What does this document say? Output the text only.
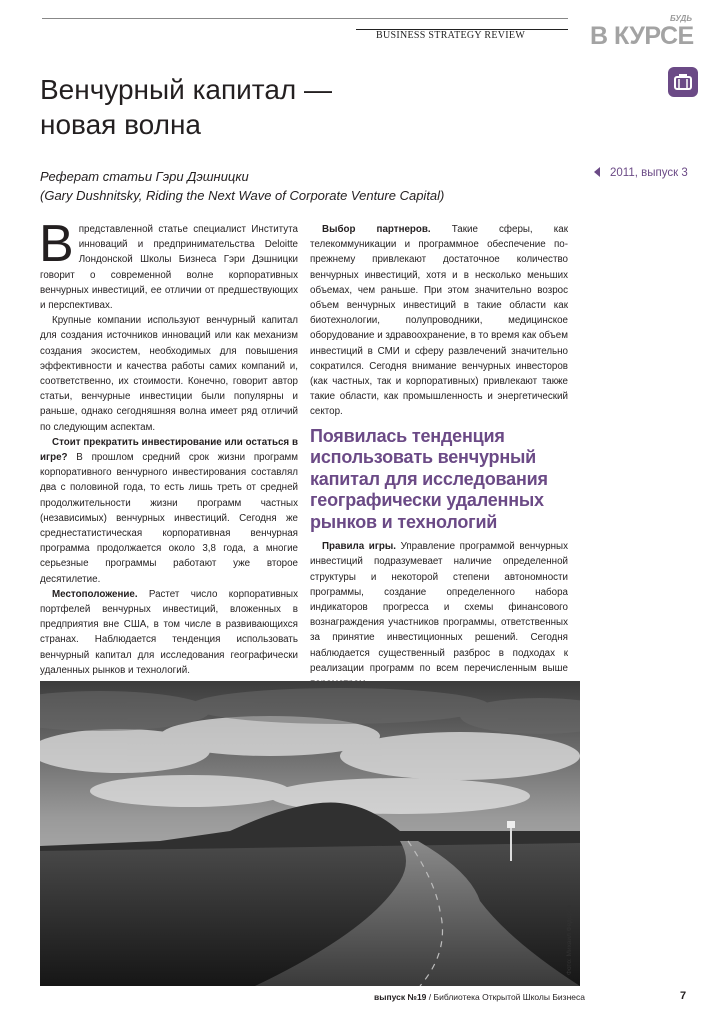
BUSINESS STRATEGY REVIEW
БУДЬ
В КУРСЕ
Венчурный капитал —
новая волна
Реферат статьи Гэри Дэшницки
(Gary Dushnitsky, Riding the Next Wave of Corporate Venture Capital)
2011, выпуск 3

Впредставленной статье специалист Института инноваций и предпринимательства Deloitte Лондонской Школы Бизнеса Гэри Дэшницки говорит о современной волне корпоративных венчурных инвестиций, ее отличии от предшествующих и перспективах.

Крупные компании используют венчурный капитал для создания источников инноваций или как механизм создания экосистем, необходимых для повышения эффективности и качества работы самих компаний и, соответственно, их стоимости. Конечно, говорит автор статьи, венчурные инвестиции были популярны и раньше, однако сегодняшняя волна имеет ряд отличий по следующим аспектам.

Стоит прекратить инвестирование или остаться в игре? В прошлом средний срок жизни программ корпоративного венчурного инвестирования составлял два с половиной года, то есть лишь треть от средней продолжительности жизни программ частных (независимых) венчурных инвестиций. Сегодня же среднестатистическая корпоративная венчурная программа продолжается около 3,8 года, а многие серьезные программы работают уже второе десятилетие.

Местоположение. Растет число корпоративных портфелей венчурных инвестиций, вложенных в предприятия вне США, в том числе в развивающихся странах. Наблюдается тенденция использовать венчурный капитал для исследования географически удаленных рынков и технологий.

Выбор партнеров. Такие сферы, как телекоммуникации и программное обеспечение по-прежнему привлекают достаточное количество венчурных инвестиций, хотя и в несколько меньших объемах, чем раньше. При этом значительно возрос объем венчурных инвестиций в такие области как биотехнологии, полупроводники, медицинское оборудование и здравоохранение, в то время как объем инвестиций в СМИ и сферу развлечений значительно сократился. Сегодня внимание венчурных инвесторов (как частных, так и корпоративных) привлекают также такие области, как промышленность и энергетический сектор.

Появилась тенденция использовать венчурный капитал для исследования географически удаленных рынков и технологий

Правила игры. Управление программой венчурных инвестиций подразумевает наличие определенной структуры и некоторой степени автономности программы, создание определенного набора индикаторов прогресса и схемы финансового вознаграждения участников программы, ответственных за принятие инвестиционных решений. Сегодня наблюдается существенный разброс в подходах к реализации программ по всем перечисленным выше

Фото: Михаил Федоров
выпуск №19 / Библиотека Открытой Школы Бизнеса	7
